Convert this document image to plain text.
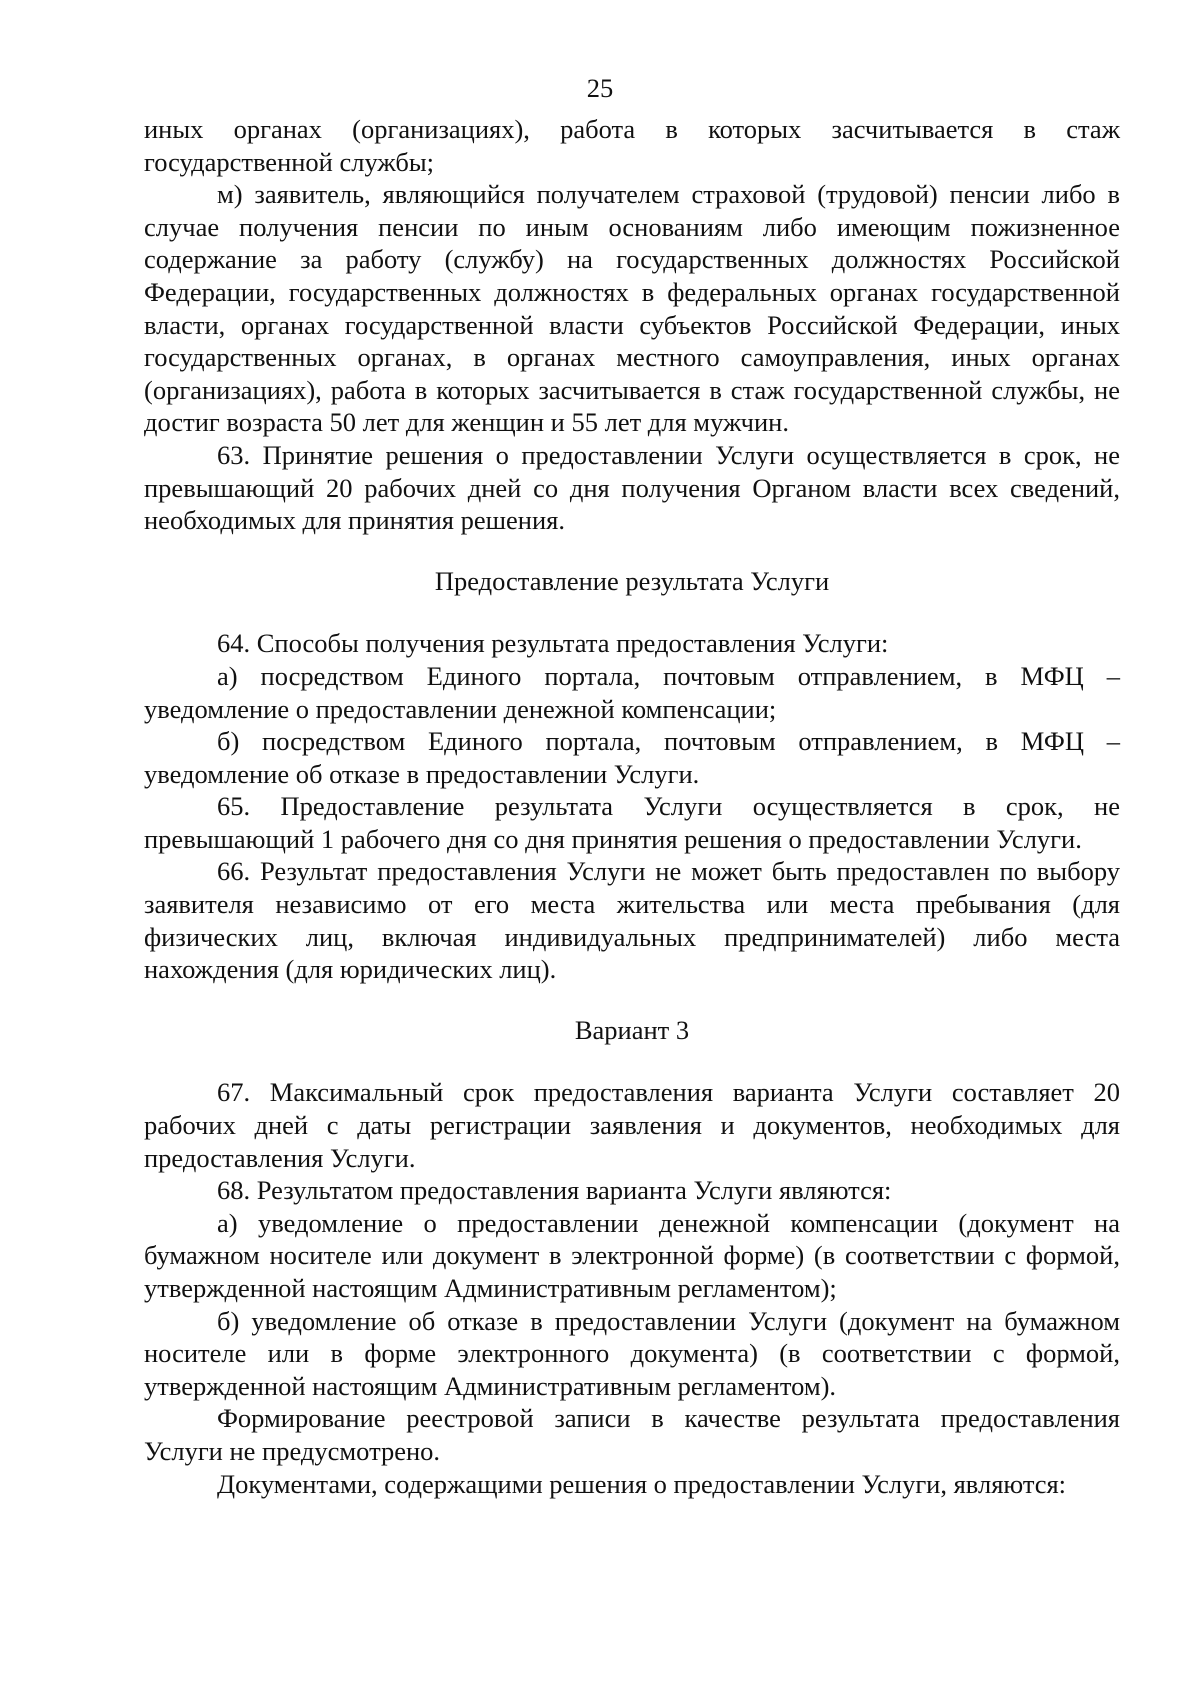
25

иных органах (организациях), работа в которых засчитывается в стаж государственной службы;

м) заявитель, являющийся получателем страховой (трудовой) пенсии либо в случае получения пенсии по иным основаниям либо имеющим пожизненное содержание за работу (службу) на государственных должностях Российской Федерации, государственных должностях в федеральных органах государственной власти, органах государственной власти субъектов Российской Федерации, иных государственных органах, в органах местного самоуправления, иных органах (организациях), работа в которых засчитывается в стаж государственной службы, не достиг возраста 50 лет для женщин и 55 лет для мужчин.

63. Принятие решения о предоставлении Услуги осуществляется в срок, не превышающий 20 рабочих дней со дня получения Органом власти всех сведений, необходимых для принятия решения.

Предоставление результата Услуги

64. Способы получения результата предоставления Услуги:

а) посредством Единого портала, почтовым отправлением, в МФЦ – уведомление о предоставлении денежной компенсации;

б) посредством Единого портала, почтовым отправлением, в МФЦ – уведомление об отказе в предоставлении Услуги.

65. Предоставление результата Услуги осуществляется в срок, не превышающий 1 рабочего дня со дня принятия решения о предоставлении Услуги.

66. Результат предоставления Услуги не может быть предоставлен по выбору заявителя независимо от его места жительства или места пребывания (для физических лиц, включая индивидуальных предпринимателей) либо места нахождения (для юридических лиц).

Вариант 3

67. Максимальный срок предоставления варианта Услуги составляет 20 рабочих дней с даты регистрации заявления и документов, необходимых для предоставления Услуги.

68. Результатом предоставления варианта Услуги являются:

а) уведомление о предоставлении денежной компенсации (документ на бумажном носителе или документ в электронной форме) (в соответствии с формой, утвержденной настоящим Административным регламентом);

б) уведомление об отказе в предоставлении Услуги (документ на бумажном носителе или в форме электронного документа) (в соответствии с формой, утвержденной настоящим Административным регламентом).

Формирование реестровой записи в качестве результата предоставления Услуги не предусмотрено.

Документами, содержащими решения о предоставлении Услуги, являются:
